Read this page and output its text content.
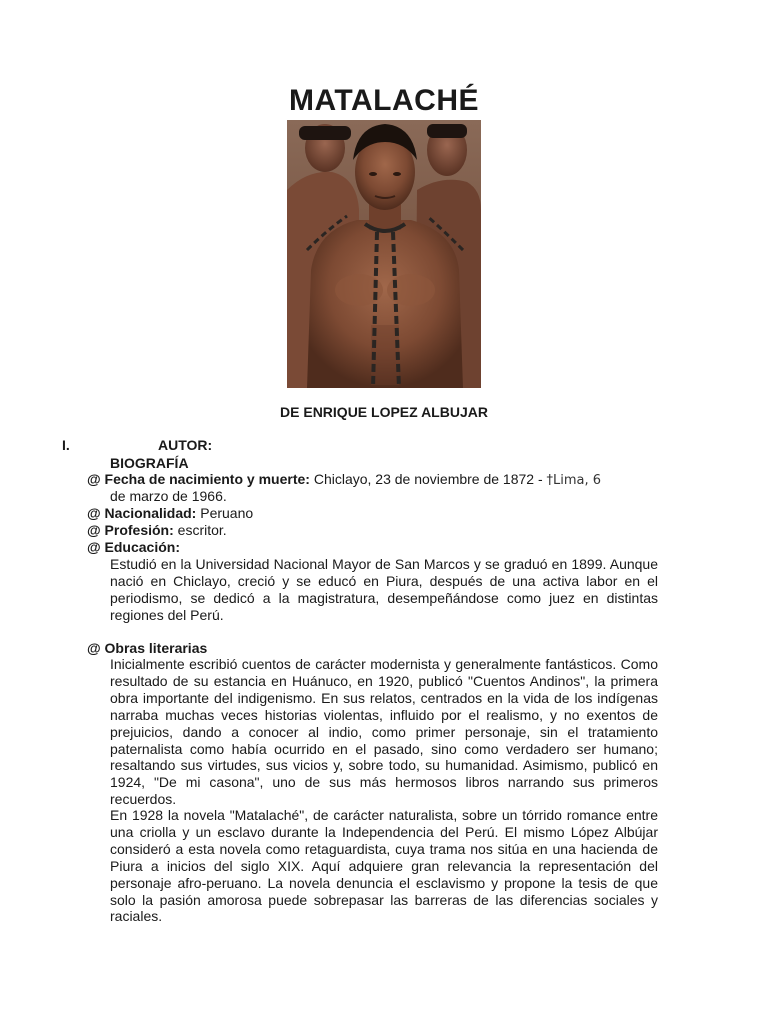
MATALACHÉ
DE ENRIQUE LOPEZ ALBUJAR
I.	AUTOR:
BIOGRAFÍA
@ Fecha de nacimiento y muerte: Chiclayo, 23 de noviembre de 1872 - †Lima, 6
de marzo de 1966.
@ Nacionalidad: Peruano
@ Profesión: escritor.
@ Educación:
Estudió en la Universidad Nacional Mayor de San Marcos y se graduó en 1899. Aunque nació en Chiclayo, creció y se educó en Piura, después de una activa labor en el periodismo, se dedicó a la magistratura, desempeñándose como juez en distintas regiones del Perú.
@ Obras literarias
Inicialmente escribió cuentos de carácter modernista y generalmente fantásticos. Como resultado de su estancia en Huánuco, en 1920, publicó "Cuentos Andinos", la primera obra importante del indigenismo. En sus relatos, centrados en la vida de los indígenas narraba muchas veces historias violentas, influido por el realismo, y no exentos de prejuicios, dando a conocer al indio, como primer personaje, sin el tratamiento paternalista como había ocurrido en el pasado, sino como verdadero ser humano; resaltando sus virtudes, sus vicios y, sobre todo, su humanidad. Asimismo, publicó en 1924, "De mi casona", uno de sus más hermosos libros narrando sus primeros recuerdos.
En 1928 la novela "Matalaché", de carácter naturalista, sobre un tórrido romance entre una criolla y un esclavo durante la Independencia del Perú. El mismo López Albújar consideró a esta novela como retaguardista, cuya trama nos sitúa en una hacienda de Piura a inicios del siglo XIX. Aquí adquiere gran relevancia la representación del personaje afro-peruano. La novela denuncia el esclavismo y propone la tesis de que solo la pasión amorosa puede sobrepasar las barreras de las diferencias sociales y raciales.
